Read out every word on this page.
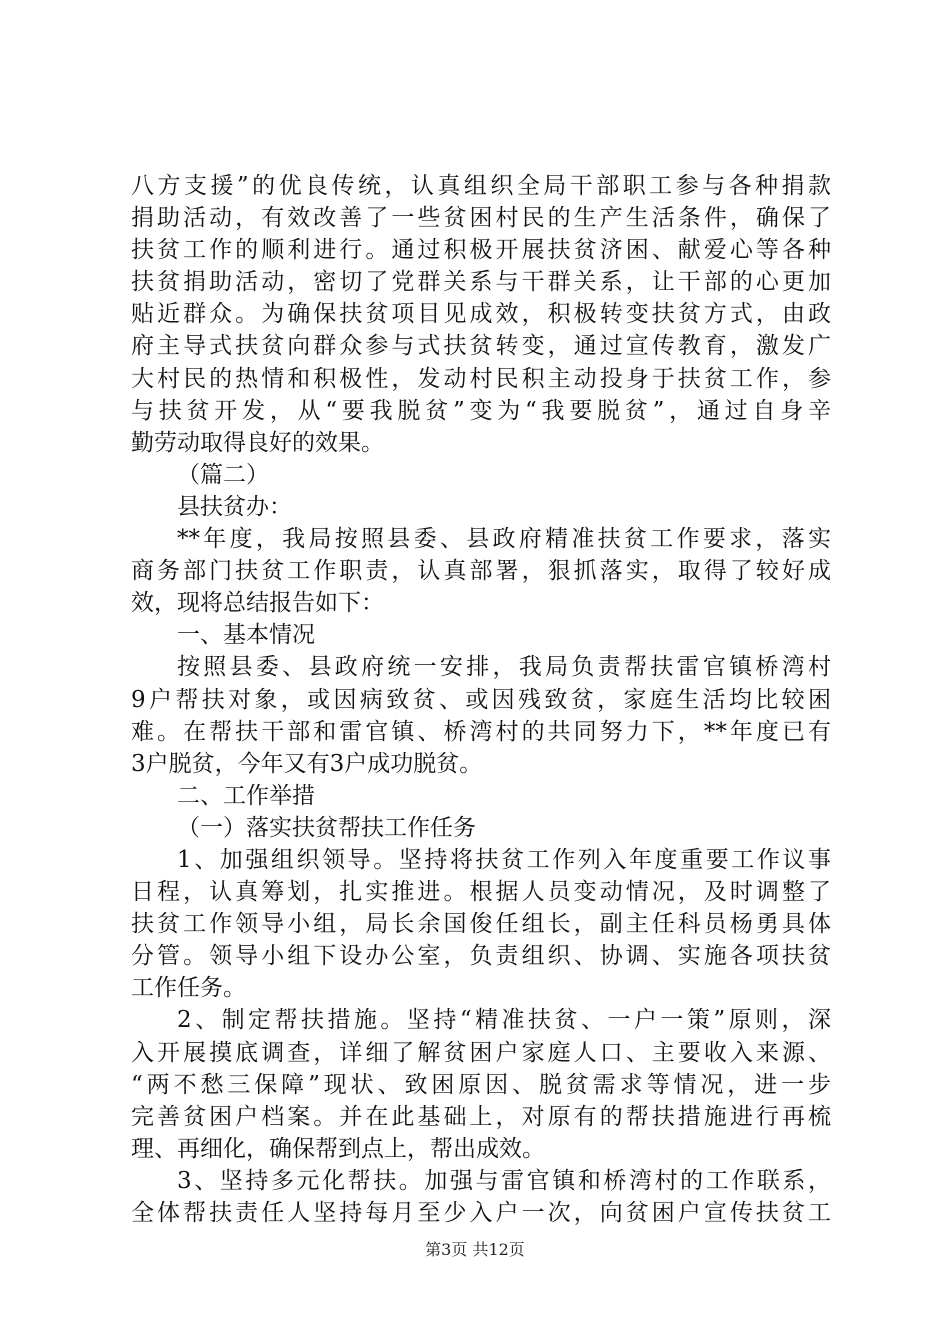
八方支援”的优良传统，认真组织全局干部职工参与各种捐款
捐助活动，有效改善了一些贫困村民的生产生活条件，确保了
扶贫工作的顺利进行。通过积极开展扶贫济困、献爱心等各种
扶贫捐助活动，密切了党群关系与干群关系，让干部的心更加
贴近群众。为确保扶贫项目见成效，积极转变扶贫方式，由政
府主导式扶贫向群众参与式扶贫转变，通过宣传教育，激发广
大村民的热情和积极性，发动村民积主动投身于扶贫工作，参
与扶贫开发，从“要我脱贫”变为“我要脱贫”，通过自身辛
勤劳动取得良好的效果。
（篇二）
县扶贫办：
**年度，我局按照县委、县政府精准扶贫工作要求，落实
商务部门扶贫工作职责，认真部署，狠抓落实，取得了较好成
效，现将总结报告如下：
一、基本情况
按照县委、县政府统一安排，我局负责帮扶雷官镇桥湾村
9户帮扶对象，或因病致贫、或因残致贫，家庭生活均比较困
难。在帮扶干部和雷官镇、桥湾村的共同努力下，**年度已有
3户脱贫，今年又有3户成功脱贫。
二、工作举措
（一）落实扶贫帮扶工作任务
1、加强组织领导。坚持将扶贫工作列入年度重要工作议事
日程，认真筹划，扎实推进。根据人员变动情况，及时调整了
扶贫工作领导小组，局长余国俊任组长，副主任科员杨勇具体
分管。领导小组下设办公室，负责组织、协调、实施各项扶贫
工作任务。
2、制定帮扶措施。坚持“精准扶贫、一户一策”原则，深
入开展摸底调查，详细了解贫困户家庭人口、主要收入来源、
“两不愁三保障”现状、致困原因、脱贫需求等情况，进一步
完善贫困户档案。并在此基础上，对原有的帮扶措施进行再梳
理、再细化，确保帮到点上，帮出成效。
3、坚持多元化帮扶。加强与雷官镇和桥湾村的工作联系，
全体帮扶责任人坚持每月至少入户一次，向贫困户宣传扶贫工
第3页 共12页
